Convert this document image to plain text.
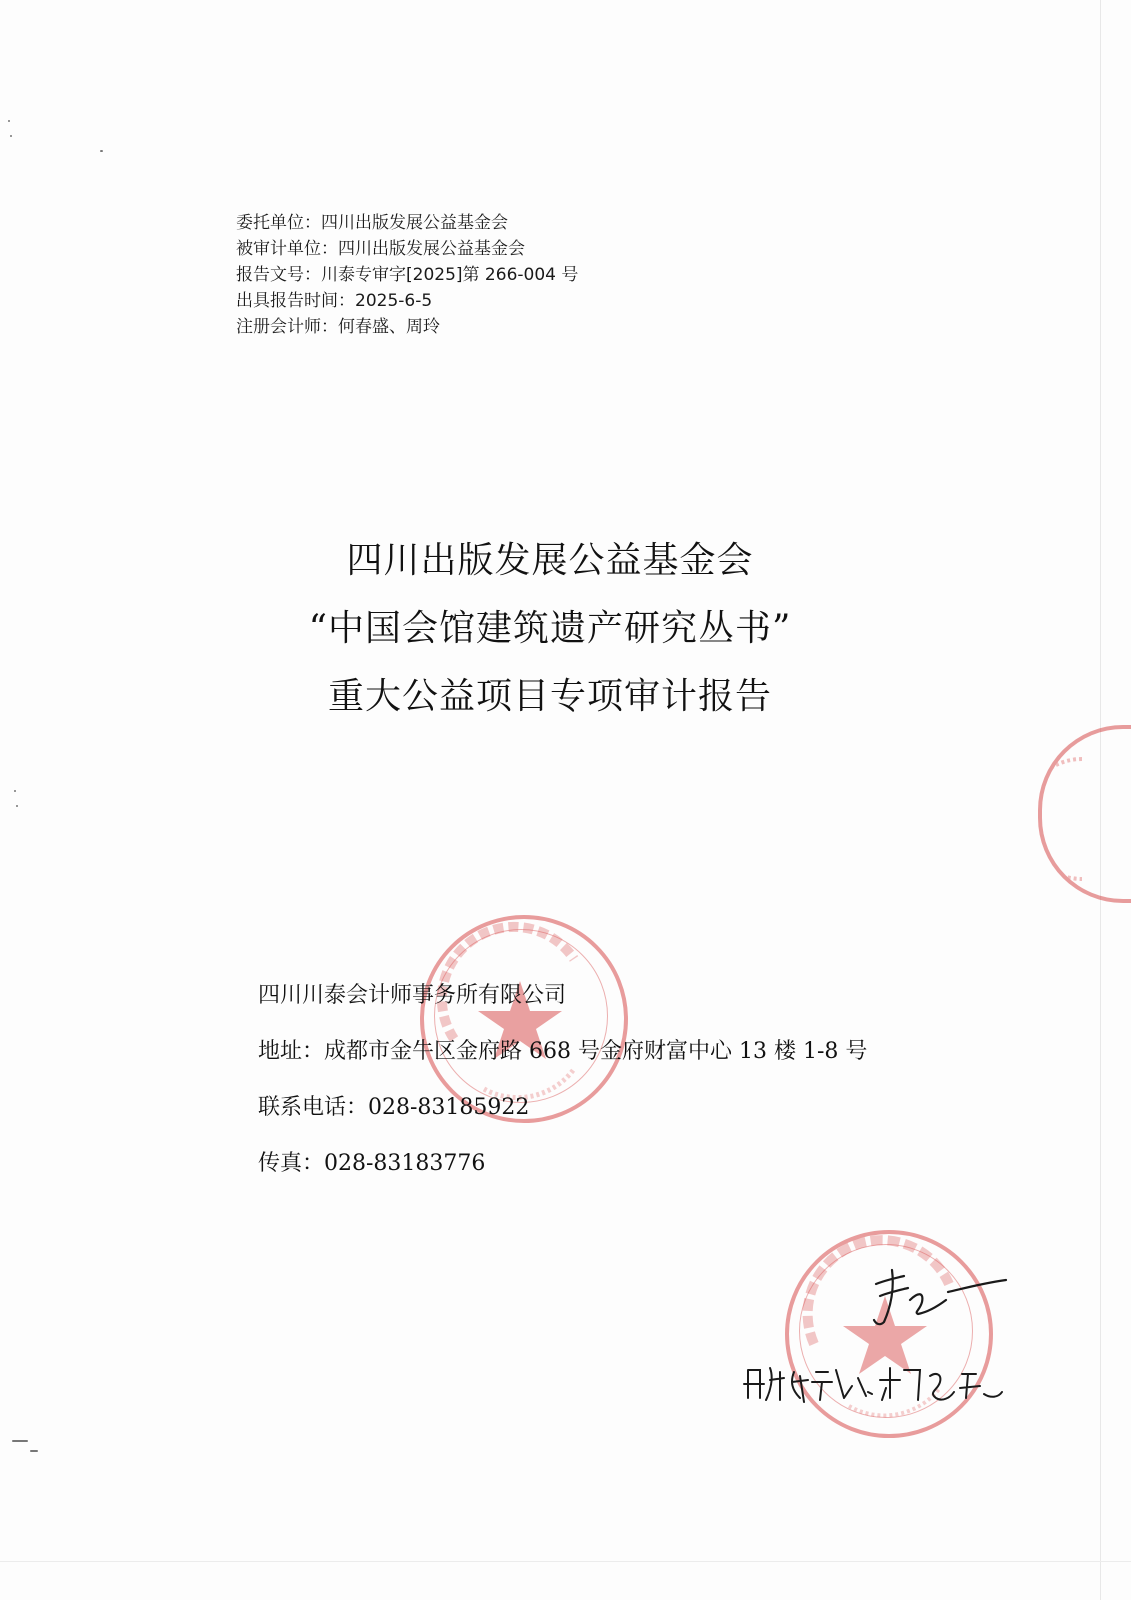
委托单位：四川出版发展公益基金会
被审计单位：四川出版发展公益基金会
报告文号：川泰专审字[2025]第 266-004 号
出具报告时间：2025-6-5
注册会计师：何春盛、周玲
四川出版发展公益基金会
“中国会馆建筑遗产研究丛书”
重大公益项目专项审计报告
四川川泰会计师事务所有限公司
地址：成都市金牛区金府路 668 号金府财富中心 13 楼 1-8 号
联系电话：028-83185922
传真：028-83183776
